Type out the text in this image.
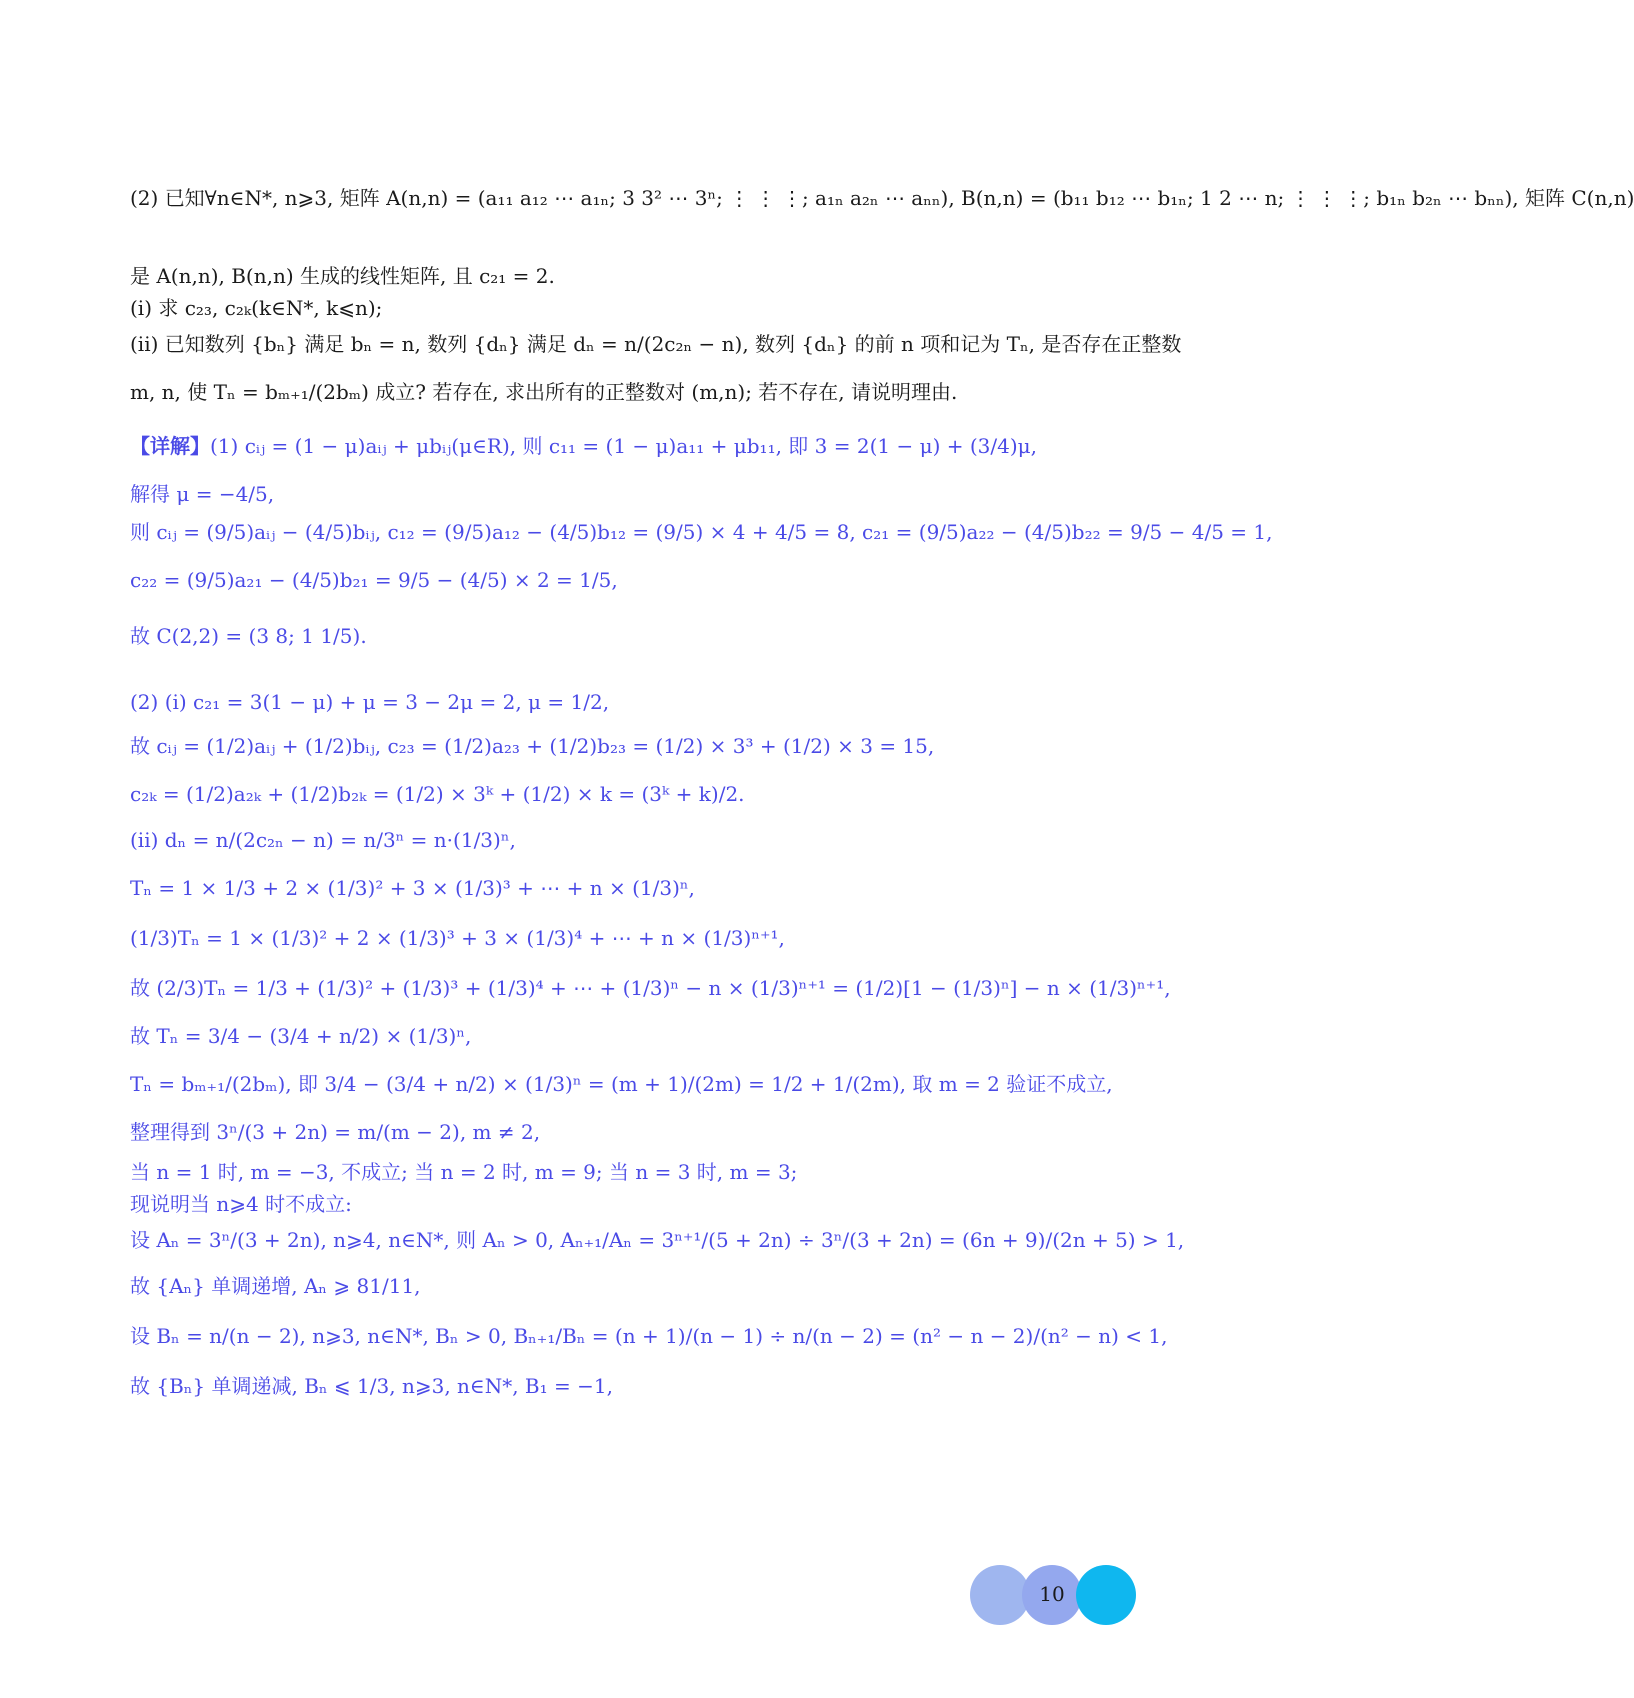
(2) 已知∀n∈N*, n⩾3, 矩阵 A(n,n) = (a₁₁ a₁₂ ⋯ a₁ₙ; 3 3² ⋯ 3ⁿ; ⋮ ⋮ ⋮; a₁ₙ a₂ₙ ⋯ aₙₙ), B(n,n) = (b₁₁ b₁₂ ⋯ b₁ₙ; 1 2 ⋯ n; ⋮ ⋮ ⋮; b₁ₙ b₂ₙ ⋯ bₙₙ), 矩阵 C(n,n)
是 A(n,n), B(n,n) 生成的线性矩阵, 且 c₂₁ = 2.
(i) 求 c₂₃, c₂ₖ(k∈N*, k⩽n);
(ii) 已知数列 {bₙ} 满足 bₙ = n, 数列 {dₙ} 满足 dₙ = n/(2c₂ₙ − n), 数列 {dₙ} 的前 n 项和记为 Tₙ, 是否存在正整数
m, n, 使 Tₙ = bₘ₊₁/(2bₘ) 成立? 若存在, 求出所有的正整数对 (m,n); 若不存在, 请说明理由.
【详解】(1) cᵢⱼ = (1 − μ)aᵢⱼ + μbᵢⱼ(μ∈R), 则 c₁₁ = (1 − μ)a₁₁ + μb₁₁, 即 3 = 2(1 − μ) + (3/4)μ,
解得 μ = −4/5,
则 cᵢⱼ = (9/5)aᵢⱼ − (4/5)bᵢⱼ, c₁₂ = (9/5)a₁₂ − (4/5)b₁₂ = (9/5) × 4 + 4/5 = 8, c₂₁ = (9/5)a₂₂ − (4/5)b₂₂ = 9/5 − 4/5 = 1,
c₂₂ = (9/5)a₂₁ − (4/5)b₂₁ = 9/5 − (4/5) × 2 = 1/5,
故 C(2,2) = (3 8; 1 1/5).
(2) (i) c₂₁ = 3(1 − μ) + μ = 3 − 2μ = 2, μ = 1/2,
故 cᵢⱼ = (1/2)aᵢⱼ + (1/2)bᵢⱼ, c₂₃ = (1/2)a₂₃ + (1/2)b₂₃ = (1/2) × 3³ + (1/2) × 3 = 15,
c₂ₖ = (1/2)a₂ₖ + (1/2)b₂ₖ = (1/2) × 3ᵏ + (1/2) × k = (3ᵏ + k)/2.
(ii) dₙ = n/(2c₂ₙ − n) = n/3ⁿ = n·(1/3)ⁿ,
Tₙ = 1 × 1/3 + 2 × (1/3)² + 3 × (1/3)³ + ⋯ + n × (1/3)ⁿ,
(1/3)Tₙ = 1 × (1/3)² + 2 × (1/3)³ + 3 × (1/3)⁴ + ⋯ + n × (1/3)ⁿ⁺¹,
故 (2/3)Tₙ = 1/3 + (1/3)² + (1/3)³ + (1/3)⁴ + ⋯ + (1/3)ⁿ − n × (1/3)ⁿ⁺¹ = (1/2)[1 − (1/3)ⁿ] − n × (1/3)ⁿ⁺¹,
故 Tₙ = 3/4 − (3/4 + n/2) × (1/3)ⁿ,
Tₙ = bₘ₊₁/(2bₘ), 即 3/4 − (3/4 + n/2) × (1/3)ⁿ = (m + 1)/(2m) = 1/2 + 1/(2m), 取 m = 2 验证不成立,
整理得到 3ⁿ/(3 + 2n) = m/(m − 2), m ≠ 2,
当 n = 1 时, m = −3, 不成立; 当 n = 2 时, m = 9; 当 n = 3 时, m = 3;
现说明当 n⩾4 时不成立:
设 Aₙ = 3ⁿ/(3 + 2n), n⩾4, n∈N*, 则 Aₙ > 0, Aₙ₊₁/Aₙ = 3ⁿ⁺¹/(5 + 2n) ÷ 3ⁿ/(3 + 2n) = (6n + 9)/(2n + 5) > 1,
故 {Aₙ} 单调递增, Aₙ ⩾ 81/11,
设 Bₙ = n/(n − 2), n⩾3, n∈N*, Bₙ > 0, Bₙ₊₁/Bₙ = (n + 1)/(n − 1) ÷ n/(n − 2) = (n² − n − 2)/(n² − n) < 1,
故 {Bₙ} 单调递减, Bₙ ⩽ 1/3, n⩾3, n∈N*, B₁ = −1,
10
